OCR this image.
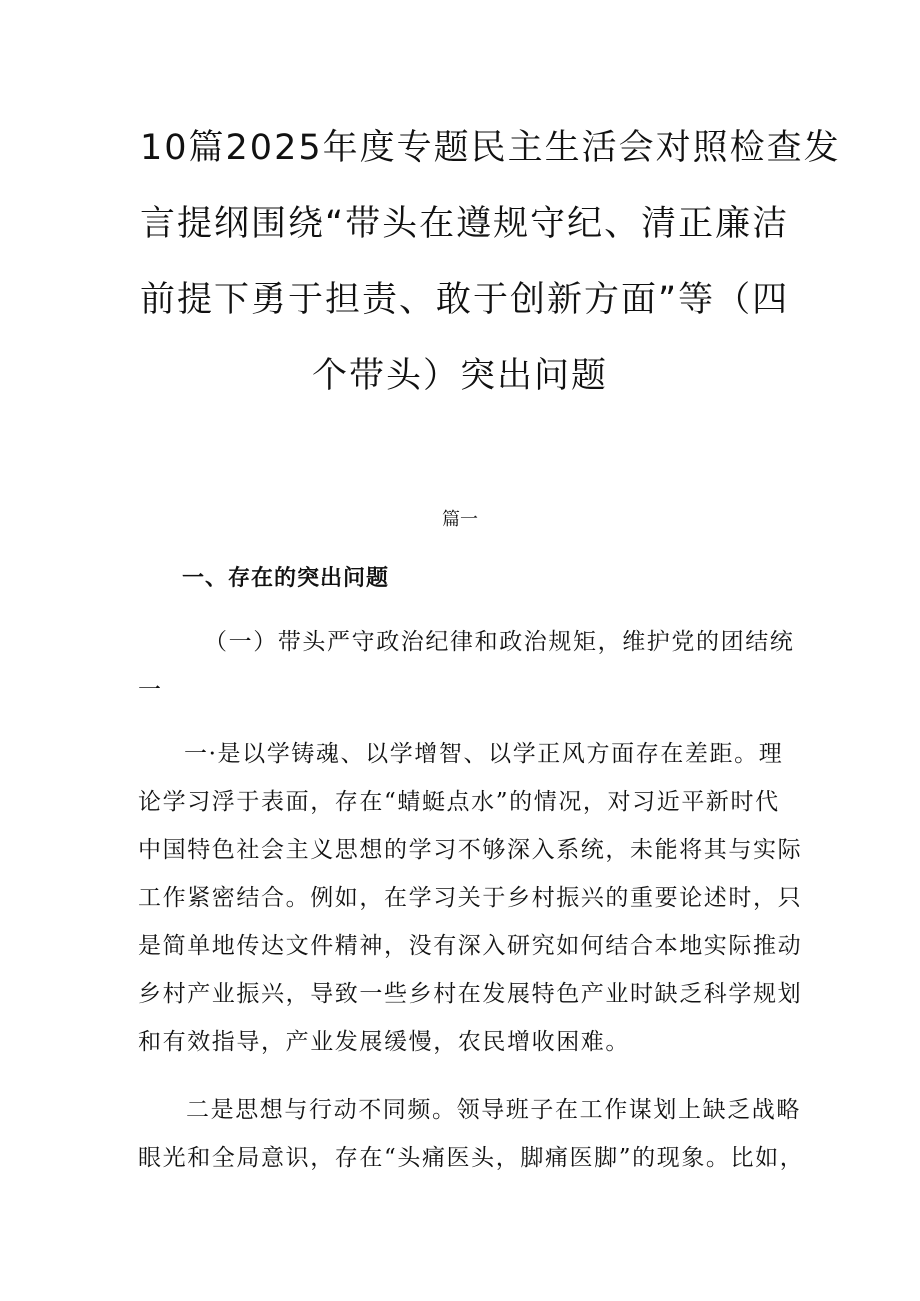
10篇2025年度专题民主生活会对照检查发
言提纲围绕“带头在遵规守纪、清正廉洁
前提下勇于担责、敢于创新方面”等（四
个带头）突出问题
篇一
一、存在的突出问题
（一）带头严守政治纪律和政治规矩，维护党的团结统
一
一·是以学铸魂、以学增智、以学正风方面存在差距。理
论学习浮于表面，存在“蜻蜓点水”的情况，对习近平新时代
中国特色社会主义思想的学习不够深入系统，未能将其与实际
工作紧密结合。例如，在学习关于乡村振兴的重要论述时，只
是简单地传达文件精神，没有深入研究如何结合本地实际推动
乡村产业振兴，导致一些乡村在发展特色产业时缺乏科学规划
和有效指导，产业发展缓慢，农民增收困难。
二是思想与行动不同频。领导班子在工作谋划上缺乏战略
眼光和全局意识，存在“头痛医头，脚痛医脚”的现象。比如，
